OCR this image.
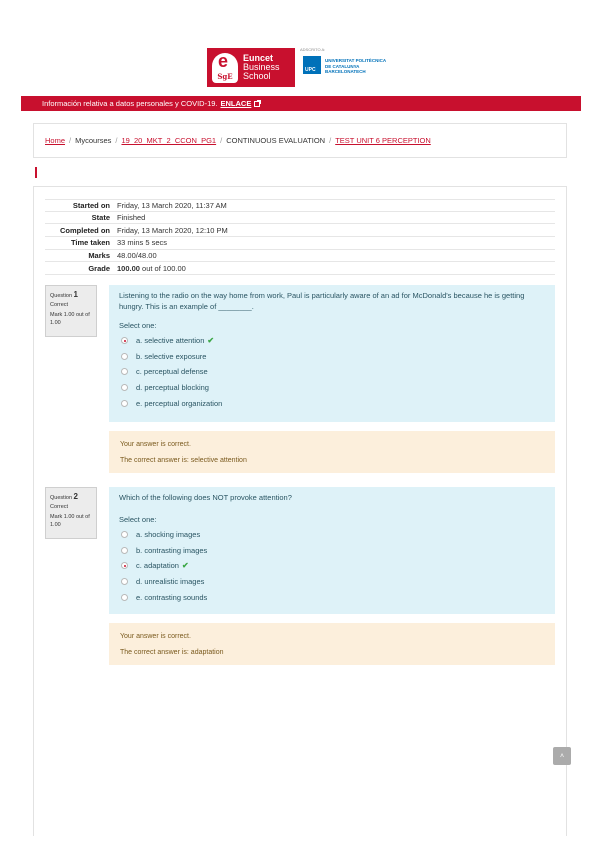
e SgE
Euncet
Business
School
ADSCRITO A:
UPC
UNIVERSITAT POLITÈCNICA
DE CATALUNYA
BARCELONATECH
Información relativa a datos personales y COVID-19. ENLACE
Home / Mycourses / 19_20_MKT_2_CCON_PG1 / CONTINUOUS EVALUATION / TEST UNIT 6 PERCEPTION
Started on Friday, 13 March 2020, 11:37 AM
State Finished
Completed on Friday, 13 March 2020, 12:10 PM
Time taken 33 mins 5 secs
Marks 48.00/48.00
Grade 100.00 out of 100.00
Question 1
Correct
Mark 1.00 out of 1.00
Listening to the radio on the way home from work, Paul is particularly aware of an ad for McDonald's because he is getting hungry. This is an example of ________.
Select one:
a. selective attention ✔
b. selective exposure
c. perceptual defense
d. perceptual blocking
e. perceptual organization
Your answer is correct.
The correct answer is: selective attention
Question 2
Correct
Mark 1.00 out of 1.00
Which of the following does NOT provoke attention?
Select one:
a. shocking images
b. contrasting images
c. adaptation ✔
d. unrealistic images
e. contrasting sounds
Your answer is correct.
The correct answer is: adaptation
˄
